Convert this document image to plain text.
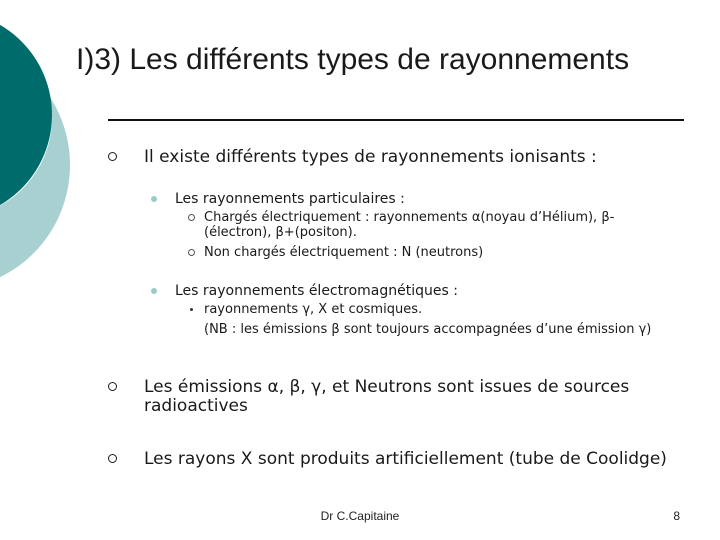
I)3) Les différents types de rayonnements
Il existe différents types de rayonnements ionisants :
Les rayonnements particulaires :
Chargés électriquement : rayonnements α(noyau d’Hélium), β-(électron), β+(positon).
Non chargés électriquement : N (neutrons)
Les rayonnements électromagnétiques :
rayonnements γ, X et cosmiques.
(NB : les émissions β sont toujours accompagnées d’une émission γ)
Les émissions α, β, γ, et Neutrons sont issues de sources radioactives
Les rayons X sont produits artificiellement (tube de Coolidge)
Dr C.Capitaine	8
